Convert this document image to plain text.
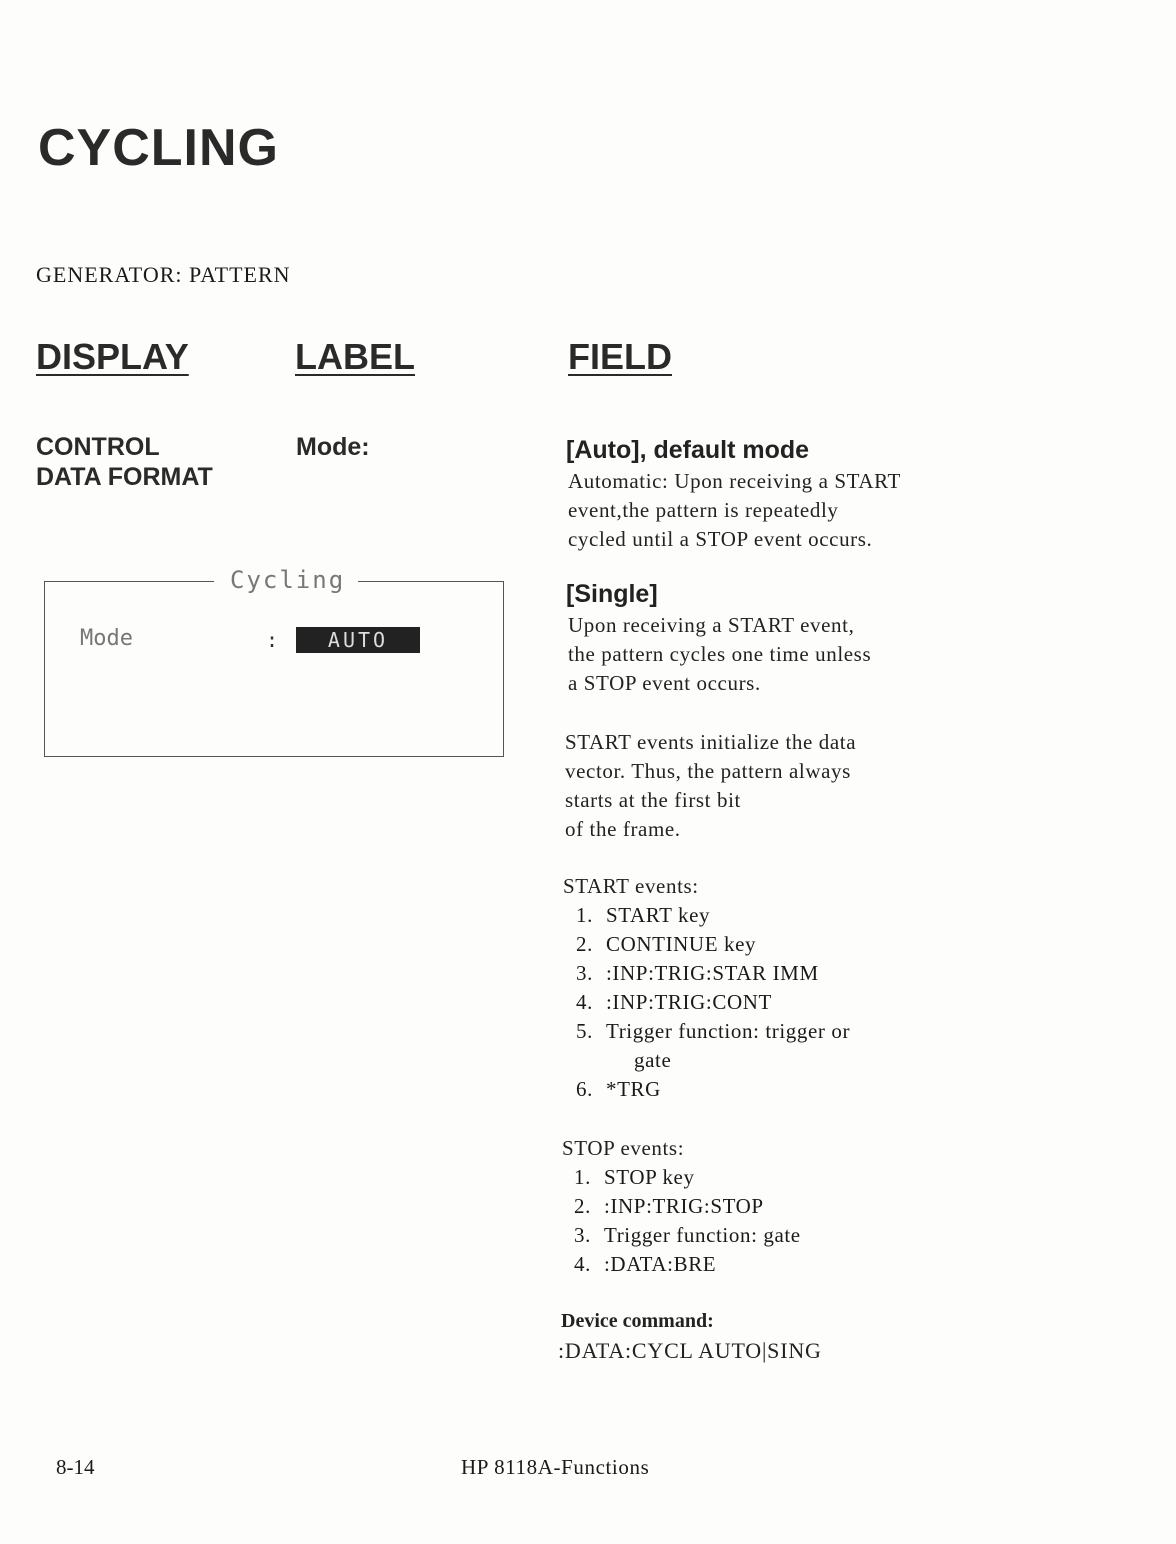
CYCLING
GENERATOR: PATTERN
DISPLAY	LABEL	FIELD
CONTROL
DATA FORMAT
Mode:
Cycling
Mode	:	AUTO
[Auto], default mode
Automatic: Upon receiving a START
event,the pattern is repeatedly
cycled until a STOP event occurs.
[Single]
Upon receiving a START event,
the pattern cycles one time unless
a STOP event occurs.
START events initialize the data
vector. Thus, the pattern always
starts at the first bit
of the frame.
START events:
1. START key
2. CONTINUE key
3. :INP:TRIG:STAR IMM
4. :INP:TRIG:CONT
5. Trigger function: trigger or
gate
6. *TRG
STOP events:
1. STOP key
2. :INP:TRIG:STOP
3. Trigger function: gate
4. :DATA:BRE
Device command:
:DATA:CYCL AUTO|SING
8-14	HP 8118A-Functions
